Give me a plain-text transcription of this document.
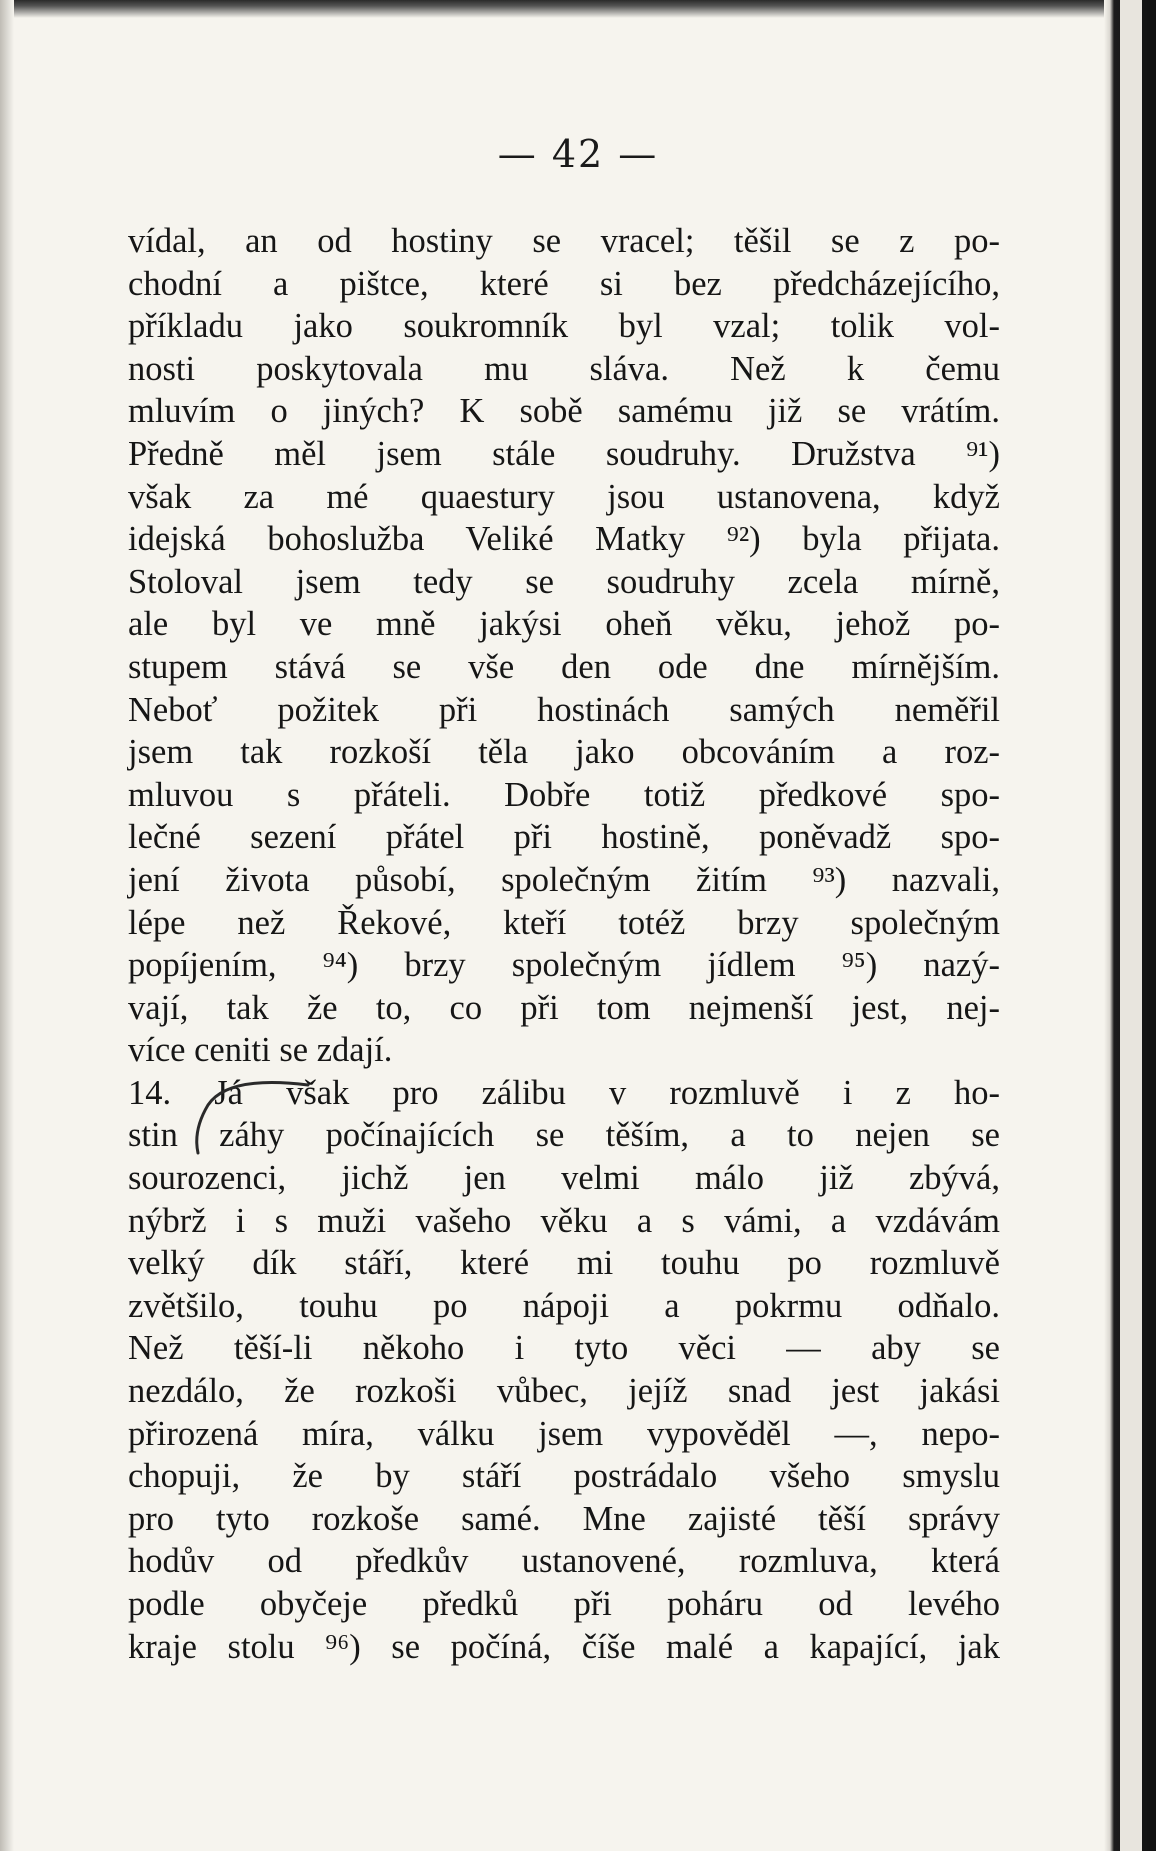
— 42 —
vídal, an od hostiny se vracel; těšil se z po-
chodní a pištce, které si bez předcházejícího,
příkladu jako soukromník byl vzal; tolik vol-
nosti poskytovala mu sláva. Než k čemu
mluvím o jiných? K sobě samému již se vrátím.
Předně měl jsem stále soudruhy. Družstva ⁹¹)
však za mé quaestury jsou ustanovena, když
idejská bohoslužba Veliké Matky ⁹²) byla přijata.
Stoloval jsem tedy se soudruhy zcela mírně,
ale byl ve mně jakýsi oheň věku, jehož po-
stupem stává se vše den ode dne mírnějším.
Neboť požitek při hostinách samých neměřil
jsem tak rozkoší těla jako obcováním a roz-
mluvou s přáteli. Dobře totiž předkové spo-
lečné sezení přátel při hostině, poněvadž spo-
jení života působí, společným žitím ⁹³) nazvali,
lépe než Řekové, kteří totéž brzy společným
popíjením, ⁹⁴) brzy společným jídlem ⁹⁵) nazý-
vají, tak že to, co při tom nejmenší jest, nej-
více ceniti se zdají.
14. Já však pro zálibu v rozmluvě i z ho-
stin záhy počínajících se těším, a to nejen se
sourozenci, jichž jen velmi málo již zbývá,
nýbrž i s muži vašeho věku a s vámi, a vzdávám
velký dík stáří, které mi touhu po rozmluvě
zvětšilo, touhu po nápoji a pokrmu odňalo.
Než těší-li někoho i tyto věci — aby se
nezdálo, že rozkoši vůbec, jejíž snad jest jakási
přirozená míra, válku jsem vypověděl —, nepo-
chopuji, že by stáří postrádalo všeho smyslu
pro tyto rozkoše samé. Mne zajisté těší správy
hodův od předkův ustanovené, rozmluva, která
podle obyčeje předků při poháru od levého
kraje stolu ⁹⁶) se počíná, číše malé a kapající, jak
